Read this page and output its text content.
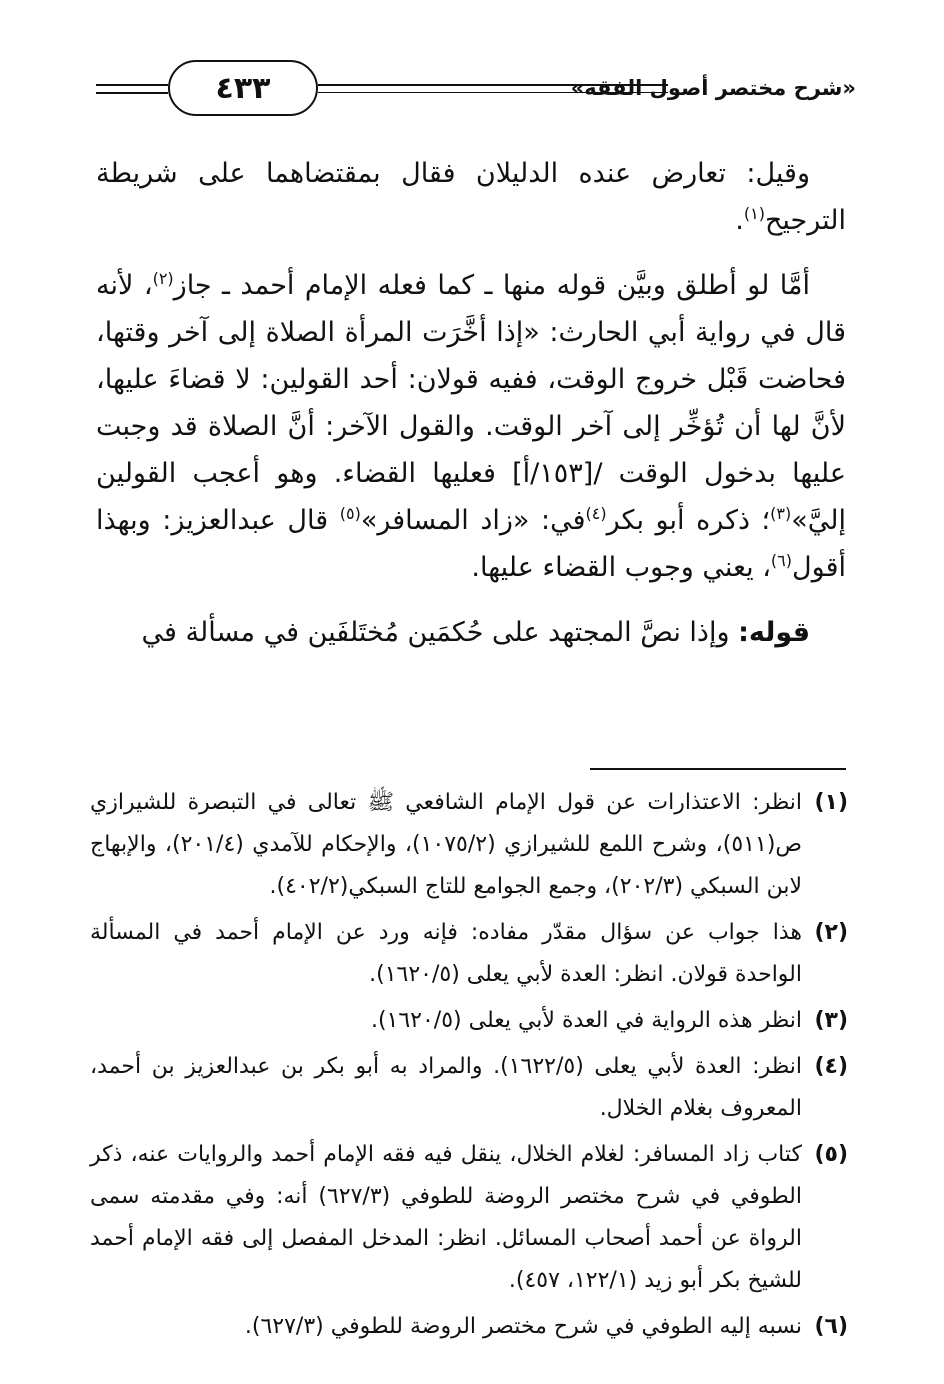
٤٣٣	«شرح مختصر أصول الفقه»

وقيل: تعارض عنده الدليلان فقال بمقتضاهما على شريطة الترجيح$^{(١)}$.

أمَّا لو أطلق وبيَّن قوله منها ـ كما فعله الإمام أحمد ـ جاز$^{(٢)}$، لأنه قال في رواية أبي الحارث: «إذا أخَّرَت المرأة الصلاة إلى آخر وقتها، فحاضت قَبْل خروج الوقت، ففيه قولان: أحد القولين: لا قضاءَ عليها، لأنَّ لها أن تُؤخِّر إلى آخر الوقت. والقول الآخر: أنَّ الصلاة قد وجبت عليها بدخول الوقت /[١٥٣/أ] فعليها القضاء. وهو أعجب القولين إليَّ»$^{(٣)}$؛ ذكره أبو بكر$^{(٤)}$في: «زاد المسافر»$^{(٥)}$ قال عبدالعزيز: وبهذا أقول$^{(٦)}$، يعني وجوب القضاء عليها.

قوله: وإذا نصَّ المجتهد على حُكمَين مُختَلفَين في مسألة في

(١)
انظر: الاعتذارات عن قول الإمام الشافعي ﷺ تعالى في التبصرة للشيرازي ص(٥١١)، وشرح اللمع للشيرازي (١٠٧٥/٢)، والإحكام للآمدي (٢٠١/٤)، والإبهاج لابن السبكي (٢٠٢/٣)، وجمع الجوامع للتاج السبكي(٤٠٢/٢).
(٢)
هذا جواب عن سؤال مقدّر مفاده: فإنه ورد عن الإمام أحمد في المسألة الواحدة قولان. انظر: العدة لأبي يعلى (١٦٢٠/٥).
(٣)
انظر هذه الرواية في العدة لأبي يعلى (١٦٢٠/٥).
(٤)
انظر: العدة لأبي يعلى (١٦٢٢/٥). والمراد به أبو بكر بن عبدالعزيز بن أحمد، المعروف بغلام الخلال.
(٥)
كتاب زاد المسافر: لغلام الخلال، ينقل فيه فقه الإمام أحمد والروايات عنه، ذكر الطوفي في شرح مختصر الروضة للطوفي (٦٢٧/٣) أنه: وفي مقدمته سمى الرواة عن أحمد أصحاب المسائل. انظر: المدخل المفصل إلى فقه الإمام أحمد للشيخ بكر أبو زيد (١٢٢/١، ٤٥٧).
(٦)
نسبه إليه الطوفي في شرح مختصر الروضة للطوفي (٦٢٧/٣).
